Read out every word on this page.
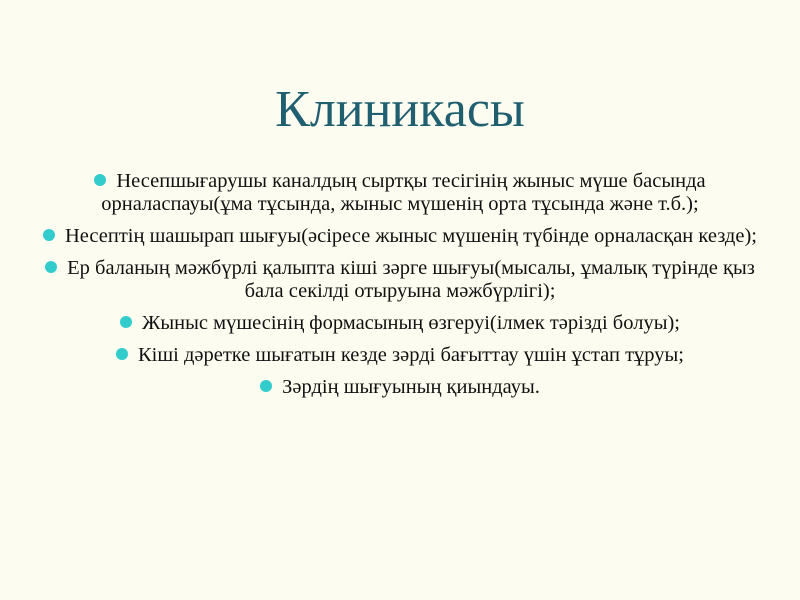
Клиникасы
Несепшығарушы каналдың сыртқы тесігінің жыныс мүше басында орналаспауы(ұма тұсында, жыныс мүшенің орта тұсында және т.б.);
Несептің шашырап шығуы(әсіресе жыныс мүшенің түбінде орналасқан кезде);
Ер баланың мәжбүрлі қалыпта кіші зәрге шығуы(мысалы, ұмалық түрінде қыз бала секілді отыруына мәжбүрлігі);
Жыныс мүшесінің формасының өзгеруі(ілмек тәрізді болуы);
Кіші дәретке шығатын кезде зәрді бағыттау үшін ұстап тұруы;
Зәрдің шығуының қиындауы.
